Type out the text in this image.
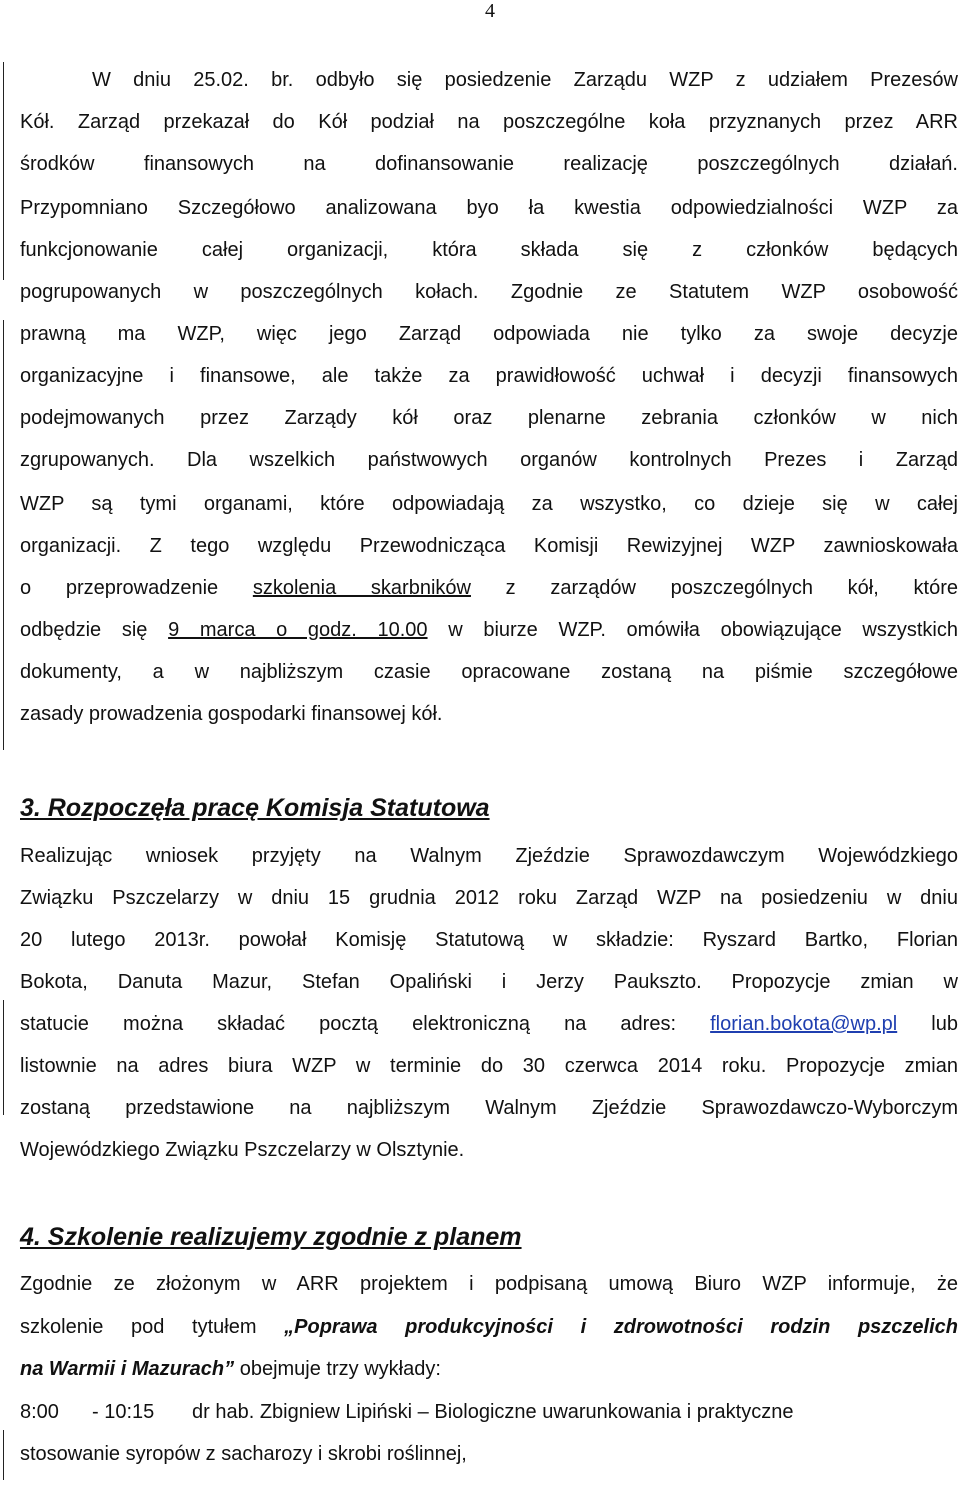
4
W dniu 25.02. br. odbyło się posiedzenie Zarządu WZP z udziałem Prezesów
Kół. Zarząd przekazał do Kół podział na poszczególne koła przyznanych przez ARR
środków finansowych na dofinansowanie realizację poszczególnych działań.
Przypomniano Szczegółowo analizowana byo ła kwestia odpowiedzialności WZP za
funkcjonowanie całej organizacji, która składa się z członków będących
pogrupowanych w poszczególnych kołach. Zgodnie ze Statutem WZP osobowość
prawną ma WZP, więc jego Zarząd odpowiada nie tylko za swoje decyzje
organizacyjne i finansowe, ale także za prawidłowość uchwał i decyzji finansowych
podejmowanych przez Zarządy kół oraz plenarne zebrania członków w nich
zgrupowanych. Dla wszelkich państwowych organów kontrolnych Prezes i Zarząd
WZP są tymi organami, które odpowiadają za wszystko, co dzieje się w całej
organizacji. Z tego względu Przewodnicząca Komisji Rewizyjnej WZP zawnioskowała
o przeprowadzenie szkolenia skarbników z zarządów poszczególnych kół, które
odbędzie się 9 marca o godz. 10.00 w biurze WZP. omówiła obowiązujące wszystkich
dokumenty, a w najbliższym czasie opracowane zostaną na piśmie szczegółowe
zasady prowadzenia gospodarki finansowej kół.
3. Rozpoczęła pracę Komisja Statutowa
Realizując wniosek przyjęty na Walnym Zjeździe Sprawozdawczym Wojewódzkiego
Związku Pszczelarzy w dniu 15 grudnia 2012 roku Zarząd WZP na posiedzeniu w dniu
20 lutego 2013r. powołał Komisję Statutową w składzie: Ryszard Bartko, Florian
Bokota, Danuta Mazur, Stefan Opaliński i Jerzy Paukszto. Propozycje zmian w
statucie można składać pocztą elektroniczną na adres: florian.bokota@wp.pl lub
listownie na adres biura WZP w terminie do 30 czerwca 2014 roku. Propozycje zmian
zostaną przedstawione na najbliższym Walnym Zjeździe Sprawozdawczo-Wyborczym
Wojewódzkiego Związku Pszczelarzy w Olsztynie.
4. Szkolenie realizujemy zgodnie z planem
Zgodnie ze złożonym w ARR projektem i podpisaną umową Biuro WZP informuje, że
szkolenie pod tytułem „Poprawa produkcyjności i zdrowotności rodzin pszczelich
na Warmii i Mazurach” obejmuje trzy wykłady:
8:00 - 10:15 dr hab. Zbigniew Lipiński – Biologiczne uwarunkowania i praktyczne
stosowanie syropów z sacharozy i skrobi roślinnej,
